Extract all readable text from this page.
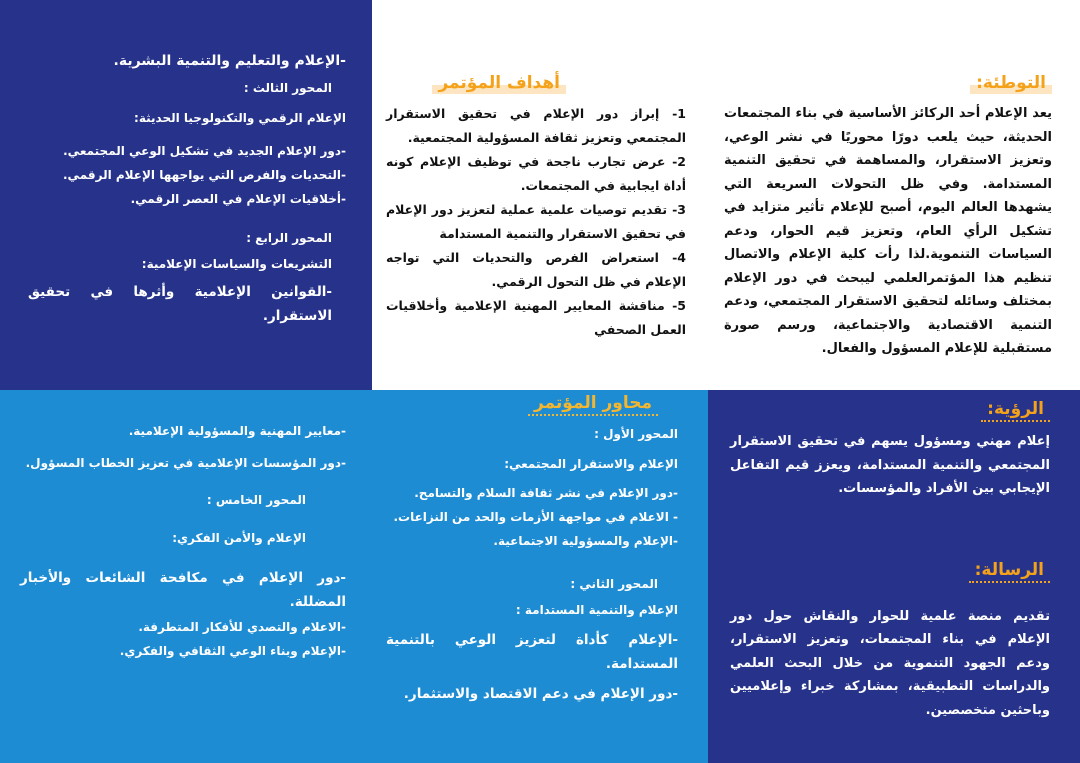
التوطئة:

يعد الإعلام أحد الركائز الأساسية في بناء المجتمعات الحديثة، حيث يلعب دورًا محوريًا في نشر الوعي، وتعزيز الاستقرار، والمساهمة في تحقيق التنمية المستدامة. وفي ظل التحولات السريعة التي يشهدها العالم اليوم، أصبح للإعلام تأثير متزايد في تشكيل الرأي العام، وتعزيز قيم الحوار، ودعم السياسات التنموية.لذا رأت كلية الإعلام والاتصال تنظيم هذا المؤتمرالعلمي ليبحث في دور الإعلام بمختلف وسائله لتحقيق الاستقرار المجتمعي، ودعم التنمية الاقتصادية والاجتماعية، ورسم صورة مستقبلية للإعلام المسؤول والفعال.

أهداف المؤتمر
1- إبراز دور الإعلام في تحقيق الاستقرار المجتمعي وتعزيز ثقافة المسؤولية المجتمعية.
2- عرض تجارب ناجحة في توظيف الإعلام كونه أداة ايجابية في المجتمعات.
3- تقديم توصيات علمية عملية لتعزيز دور الإعلام في تحقيق الاستقرار والتنمية المستدامة
4- استعراض الفرص والتحديات التي تواجه الإعلام في ظل التحول الرقمي.
5- مناقشة المعايير المهنية الإعلامية وأخلاقيات العمل الصحفي

-الإعلام والتعليم والتنمية البشرية.

المحور الثالث :

الإعلام الرقمي والتكنولوجيا الحديثة:

-دور الإعلام الجديد في تشكيل الوعي المجتمعي.

-التحديات والفرص التي يواجهها الإعلام الرقمي.

-أخلاقيات الإعلام في العصر الرقمي.

المحور الرابع :

التشريعات والسياسات الإعلامية:

-القوانين الإعلامية وأثرها في تحقيق الاستقرار.

الرؤية:

إعلام مهني ومسؤول يسهم في تحقيق الاستقرار المجتمعي والتنمية المستدامة، ويعزز قيم التفاعل الإيجابي بين الأفراد والمؤسسات.

الرسالة:

تقديم منصة علمية للحوار والنقاش حول دور الإعلام في بناء المجتمعات، وتعزيز الاستقرار، ودعم الجهود التنموية من خلال البحث العلمي والدراسات التطبيقية، بمشاركة خبراء وإعلاميين وباحثين متخصصين.

محاور المؤتمر

المحور الأول :

الإعلام والاستقرار المجتمعي:

-دور الإعلام في نشر ثقافة السلام والتسامح.

- الاعلام في مواجهة الأزمات والحد من النزاعات.

-الإعلام والمسؤولية الاجتماعية.

المحور الثاني :

الإعلام والتنمية المستدامة :

-الإعلام كأداة لتعزيز الوعي بالتنمية المستدامة.

-دور الإعلام في دعم الاقتصاد والاستثمار.

-معايير المهنية والمسؤولية الإعلامية.

-دور المؤسسات الإعلامية في تعزيز الخطاب المسؤول.

المحور الخامس :

الإعلام والأمن الفكري:

-دور الإعلام في مكافحة الشائعات والأخبار المضللة.

-الاعلام والتصدي للأفكار المتطرفة.

-الإعلام وبناء الوعي الثقافي والفكري.
